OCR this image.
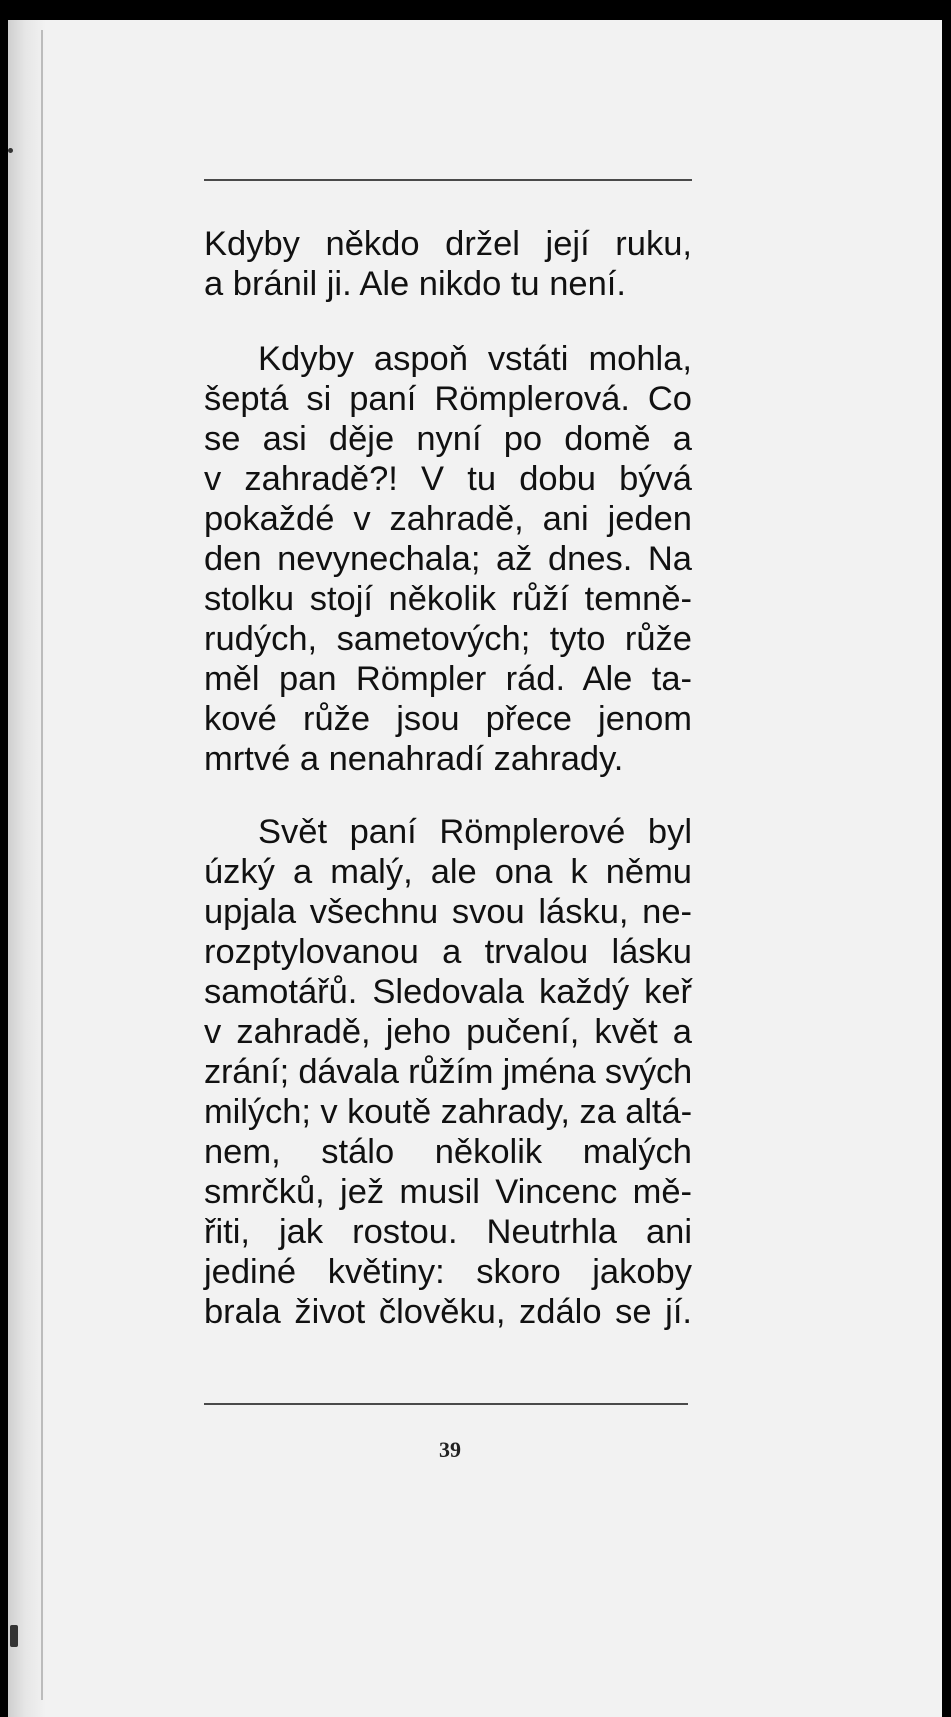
Kdyby někdo držel její ruku,
a bránil ji. Ale nikdo tu není.

Kdyby aspoň vstáti mohla,
šeptá si paní Römplerová. Co
se asi děje nyní po domě a
v zahradě?! V tu dobu bývá
pokaždé v zahradě, ani jeden
den nevynechala; až dnes. Na
stolku stojí několik růží temně-
rudých, sametových; tyto růže
měl pan Römpler rád. Ale ta-
kové růže jsou přece jenom
mrtvé a nenahradí zahrady.

Svět paní Römplerové byl
úzký a malý, ale ona k němu
upjala všechnu svou lásku, ne-
rozptylovanou a trvalou lásku
samotářů. Sledovala každý keř
v zahradě, jeho pučení, květ a
zrání; dávala růžím jména svých
milých; v koutě zahrady, za altá-
nem, stálo několik malých
smrčků, jež musil Vincenc mě-
řiti, jak rostou. Neutrhla ani
jediné květiny: skoro jakoby
brala život člověku, zdálo se jí.

39
